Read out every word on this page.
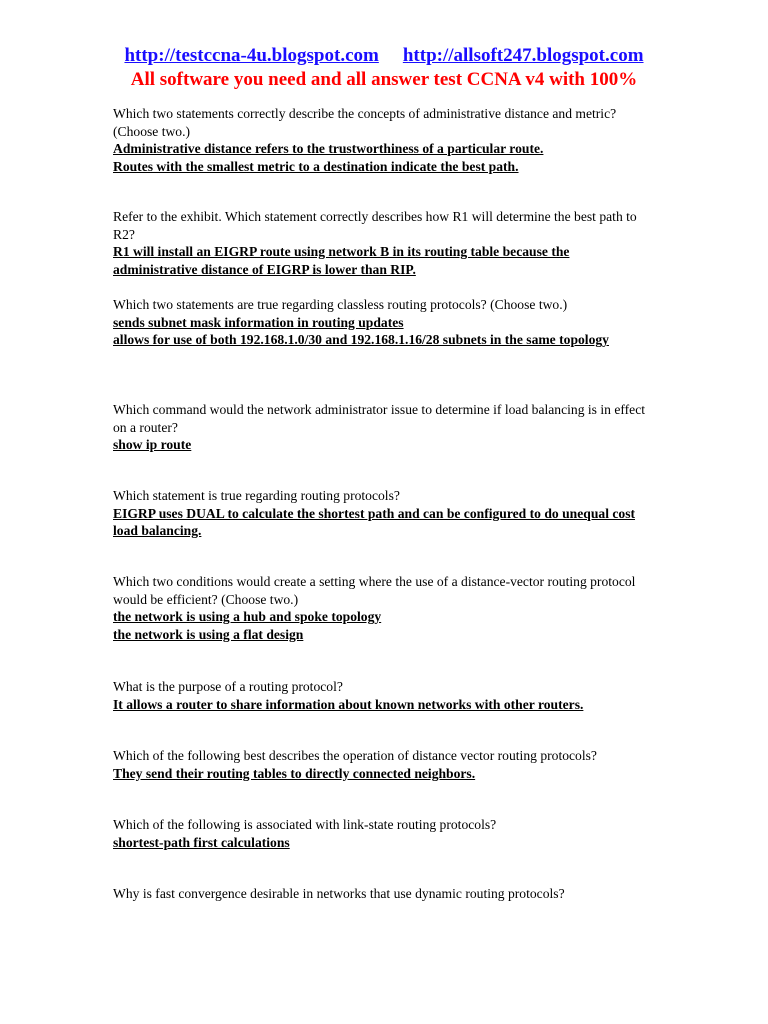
http://testccna-4u.blogspot.com http://allsoft247.blogspot.com
All software you need and all answer test CCNA v4 with 100%

Which two statements correctly describe the concepts of administrative distance and metric? (Choose two.)

Administrative distance refers to the trustworthiness of a particular route.

Routes with the smallest metric to a destination indicate the best path.

Refer to the exhibit. Which statement correctly describes how R1 will determine the best path to R2?

R1 will install an EIGRP route using network B in its routing table because the administrative distance of EIGRP is lower than RIP.

Which two statements are true regarding classless routing protocols? (Choose two.)

sends subnet mask information in routing updates

allows for use of both 192.168.1.0/30 and 192.168.1.16/28 subnets in the same topology

Which command would the network administrator issue to determine if load balancing is in effect on a router?

show ip route

Which statement is true regarding routing protocols?

EIGRP uses DUAL to calculate the shortest path and can be configured to do unequal cost load balancing.

Which two conditions would create a setting where the use of a distance-vector routing protocol would be efficient? (Choose two.)

the network is using a hub and spoke topology

the network is using a flat design

What is the purpose of a routing protocol?

It allows a router to share information about known networks with other routers.

Which of the following best describes the operation of distance vector routing protocols?

They send their routing tables to directly connected neighbors.

Which of the following is associated with link-state routing protocols?

shortest-path first calculations

Why is fast convergence desirable in networks that use dynamic routing protocols?
